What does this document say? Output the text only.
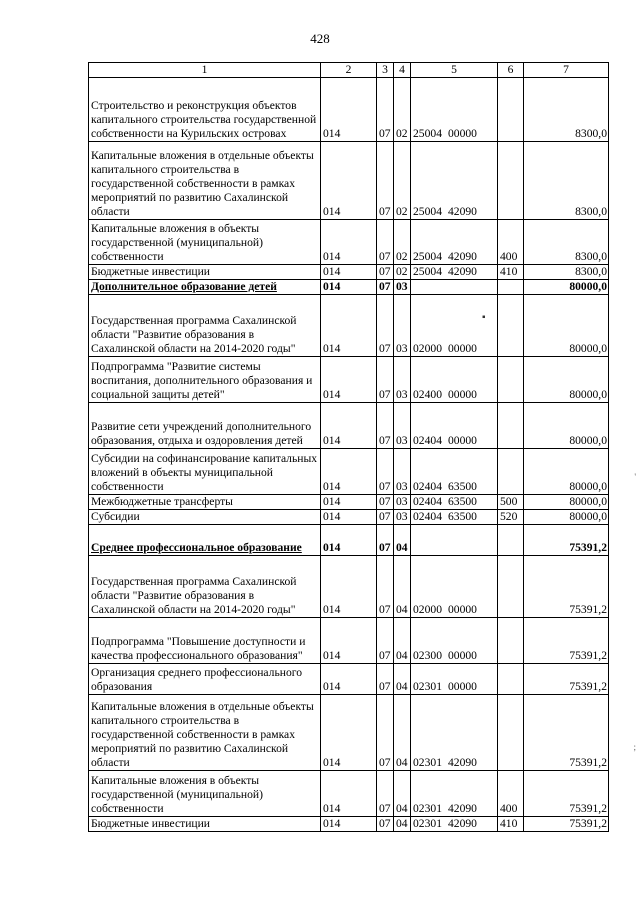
428
▪
'
;
1	2	3	4	5	6	7
Строительство и реконструкция объектов капитального строительства государственной собственности на Курильских островах	014	07	02	25004 00000		8300,0
Капитальные вложения в отдельные объекты капитального строительства в государственной собственности в рамках мероприятий по развитию Сахалинской области	014	07	02	25004 42090		8300,0
Капитальные вложения в объекты государственной (муниципальной) собственности	014	07	02	25004 42090	400	8300,0
Бюджетные инвестиции	014	07	02	25004 42090	410	8300,0
Дополнительное образование детей	014	07	03			80000,0
Государственная программа Сахалинской области "Развитие образования в Сахалинской области на 2014-2020 годы"	014	07	03	02000 00000		80000,0
Подпрограмма "Развитие системы воспитания, дополнительного образования и социальной защиты детей"	014	07	03	02400 00000		80000,0
Развитие сети учреждений дополнительного образования, отдыха и оздоровления детей	014	07	03	02404 00000		80000,0
Субсидии на софинансирование капитальных вложений в объекты муниципальной собственности	014	07	03	02404 63500		80000,0
Межбюджетные трансферты	014	07	03	02404 63500	500	80000,0
Субсидии	014	07	03	02404 63500	520	80000,0
Среднее профессиональное образование	014	07	04			75391,2
Государственная программа Сахалинской области "Развитие образования в Сахалинской области на 2014-2020 годы"	014	07	04	02000 00000		75391,2
Подпрограмма "Повышение доступности и качества профессионального образования"	014	07	04	02300 00000		75391,2
Организация среднего профессионального образования	014	07	04	02301 00000		75391,2
Капитальные вложения в отдельные объекты капитального строительства в государственной собственности в рамках мероприятий по развитию Сахалинской области	014	07	04	02301 42090		75391,2
Капитальные вложения в объекты государственной (муниципальной) собственности	014	07	04	02301 42090	400	75391,2
Бюджетные инвестиции	014	07	04	02301 42090	410	75391,2
